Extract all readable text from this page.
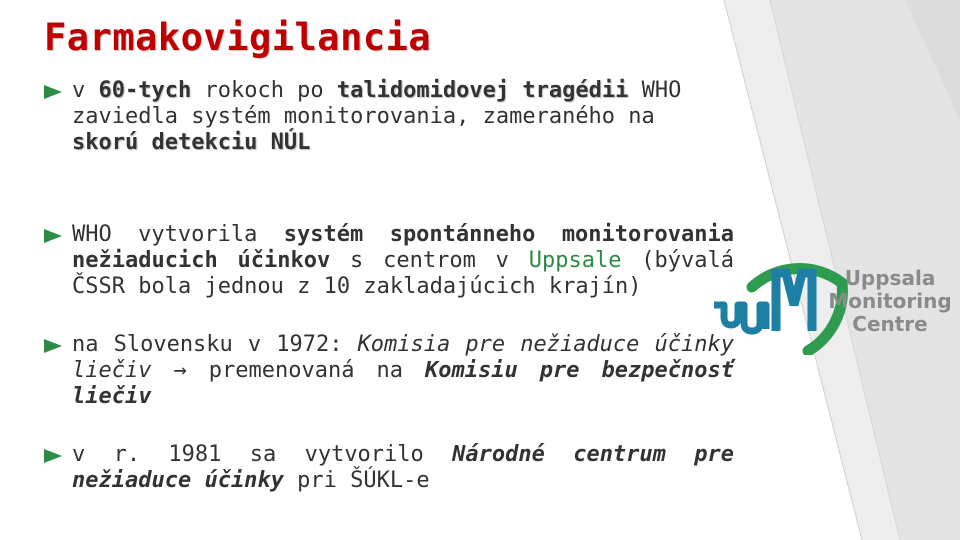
Farmakovigilancia
v 60-tych rokoch po talidomidovej tragédii WHO zaviedla systém monitorovania, zameraného na skorú detekciu NÚL
WHO vytvorila systém spontánneho monitorovania nežiaducich účinkov s centrom v Uppsale (bývalá ČSSR bola jednou z 10 zakladajúcich krajín)
na Slovensku v 1972: Komisia pre nežiaduce účinky liečiv → premenovaná na Komisiu pre bezpečnosť liečiv
v r. 1981 sa vytvorilo Národné centrum pre nežiaduce účinky pri ŠÚKL-e
Uppsala
Monitoring
Centre
